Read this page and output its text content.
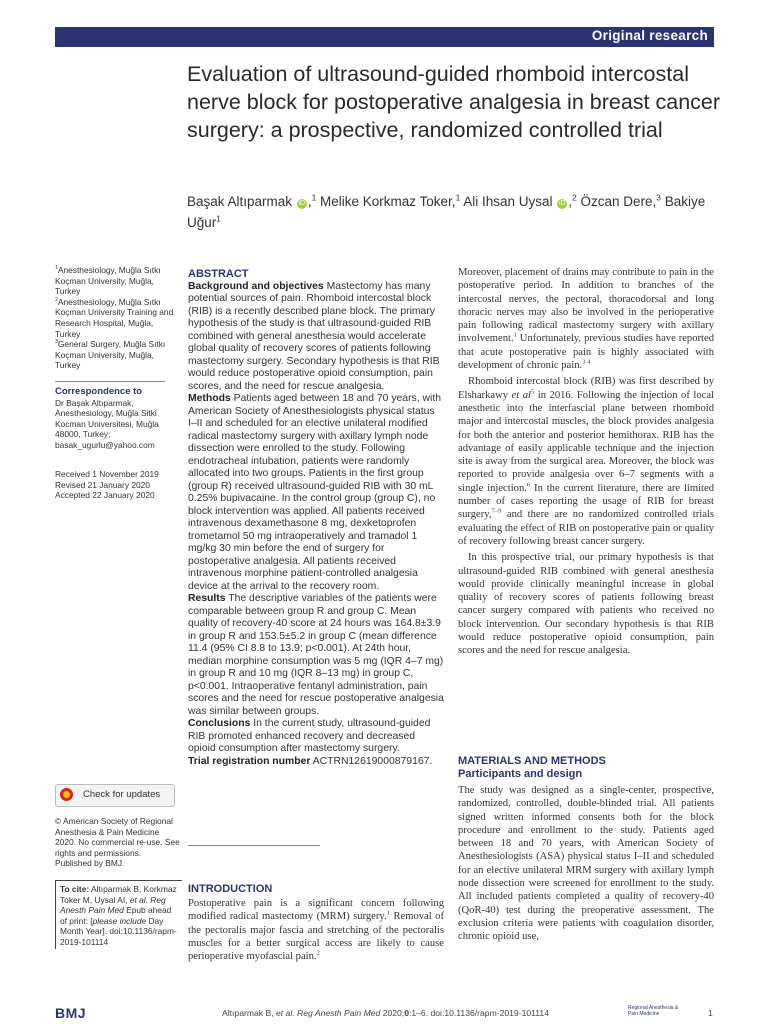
Original research
Evaluation of ultrasound-guided rhomboid intercostal nerve block for postoperative analgesia in breast cancer surgery: a prospective, randomized controlled trial
Başak Altıparmak iD ,$^1$ Melike Korkmaz Toker,$^1$ Ali Ihsan Uysal iD ,$^2$ Özcan Dere,$^3$ Bakiye Uğur$^1$
$^1$Anesthesiology, Muğla Sıtkı Koçman University, Muğla, Turkey
$^2$Anesthesiology, Muğla Sıtkı Koçman University Training and Research Hospital, Muğla, Turkey
$^3$General Surgery, Muğla Sıtkı Koçman University, Muğla, Turkey
Correspondence to
Dr Başak Altıparmak, Anesthesiology, Muğla Sitki Kocman Universitesi, Muğla 48000, Turkey;
basak_ugurlu@yahoo.com
Received 1 November 2019
Revised 21 January 2020
Accepted 22 January 2020
Check for updates
© American Society of Regional Anesthesia & Pain Medicine 2020. No commercial re-use. See rights and permissions. Published by BMJ.
To cite: Altıparmak B, Korkmaz Toker M, Uysal AI, et al. Reg Anesth Pain Med Epub ahead of print: [please include Day Month Year]. doi:10.1136/rapm-2019-101114
ABSTRACT
Background and objectives Mastectomy has many potential sources of pain. Rhomboid intercostal block (RIB) is a recently described plane block. The primary hypothesis of the study is that ultrasound-guided RIB combined with general anesthesia would accelerate global quality of recovery scores of patients following mastectomy surgery. Secondary hypothesis is that RIB would reduce postoperative opioid consumption, pain scores, and the need for rescue analgesia.
Methods Patients aged between 18 and 70 years, with American Society of Anesthesiologists physical status I–II and scheduled for an elective unilateral modified radical mastectomy surgery with axillary lymph node dissection were enrolled to the study. Following endotracheal intubation, patients were randomly allocated into two groups. Patients in the first group (group R) received ultrasound-guided RIB with 30 mL 0.25% bupivacaine. In the control group (group C), no block intervention was applied. All patients received intravenous dexamethasone 8 mg, dexketoprofen trometamol 50 mg intraoperatively and tramadol 1 mg/kg 30 min before the end of surgery for postoperative analgesia. All patients received intravenous morphine patient-controlled analgesia device at the arrival to the recovery room.
Results The descriptive variables of the patients were comparable between group R and group C. Mean quality of recovery-40 score at 24 hours was 164.8±3.9 in group R and 153.5±5.2 in group C (mean difference 11.4 (95% CI 8.8 to 13.9; p<0.001). At 24th hour, median morphine consumption was 5 mg (IQR 4–7 mg) in group R and 10 mg (IQR 8–13 mg) in group C, p<0.001. Intraoperative fentanyl administration, pain scores and the need for rescue postoperative analgesia was similar between groups.
Conclusions In the current study, ultrasound-guided RIB promoted enhanced recovery and decreased opioid consumption after mastectomy surgery.
Trial registration number ACTRN12619000879167.
INTRODUCTION
Postoperative pain is a significant concern following modified radical mastectomy (MRM) surgery.$^1$ Removal of the pectoralis major fascia and stretching of the pectoralis muscles for a better surgical access are likely to cause perioperative myofascial pain.$^2$

Moreover, placement of drains may contribute to pain in the postoperative period. In addition to branches of the intercostal nerves, the pectoral, thoracodorsal and long thoracic nerves may also be involved in the perioperative pain following radical mastectomy surgery with axillary involvement.$^1$ Unfortunately, previous studies have reported that acute postoperative pain is highly associated with development of chronic pain.$^{3 4}$

Rhomboid intercostal block (RIB) was first described by Elsharkawy et $al^5$ in 2016. Following the injection of local anesthetic into the interfascial plane between rhomboid major and intercostal muscles, the block provides analgesia for both the anterior and posterior hemithorax. RIB has the advantage of easily applicable technique and the injection site is away from the surgical area. Moreover, the block was reported to provide analgesia over 6–7 segments with a single injection.$^6$ In the current literature, there are limited number of cases reporting the usage of RIB for breast surgery,$^{7-9}$ and there are no randomized controlled trials evaluating the effect of RIB on postoperative pain or quality of recovery following breast cancer surgery.

In this prospective trial, our primary hypothesis is that ultrasound-guided RIB combined with general anesthesia would provide clinically meaningful increase in global quality of recovery scores of patients following breast cancer surgery compared with patients who received no block intervention. Our secondary hypothesis is that RIB would reduce postoperative opioid consumption, pain scores and the need for rescue analgesia.

MATERIALS AND METHODS
Participants and design
The study was designed as a single-center, prospective, randomized, controlled, double-blinded trial. All patients signed written informed consents both for the block procedure and enrollment to the study. Patients aged between 18 and 70 years, with American Society of Anesthesiologists (ASA) physical status I–II and scheduled for an elective unilateral MRM surgery with axillary lymph node dissection were screened for enrollment to the study. All included patients completed a quality of recovery-40 (QoR-40) test during the preoperative assessment. The exclusion criteria were patients with coagulation disorder, chronic opioid use,
BMJ	Altıparmak B, et al. Reg Anesth Pain Med 2020;0:1–6. doi:10.1136/rapm-2019-101114	Regional Anesthesia & Pain Medicine	1
